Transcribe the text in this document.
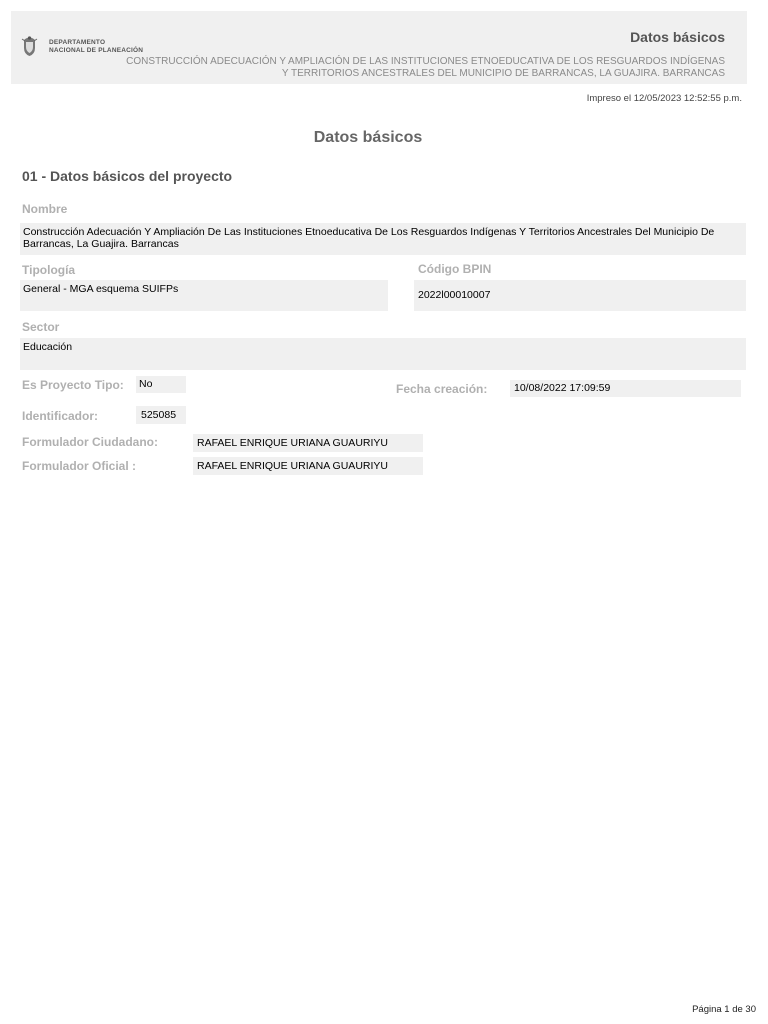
DEPARTAMENTO
NACIONAL DE PLANEACIÓN
Datos básicos
CONSTRUCCIÓN ADECUACIÓN Y AMPLIACIÓN DE LAS INSTITUCIONES ETNOEDUCATIVA DE LOS RESGUARDOS INDÍGENAS Y TERRITORIOS ANCESTRALES DEL MUNICIPIO DE BARRANCAS, LA GUAJIRA. BARRANCAS
Impreso el 12/05/2023 12:52:55 p.m.
Datos básicos
01 - Datos básicos del proyecto
Nombre
Construcción Adecuación Y Ampliación De Las Instituciones Etnoeducativa De Los Resguardos Indígenas Y Territorios Ancestrales Del Municipio De Barrancas, La Guajira. Barrancas
Tipología
General - MGA esquema SUIFPs
Código BPIN
2022l00010007
Sector
Educación
Es Proyecto Tipo: No	Fecha creación:	10/08/2022 17:09:59
Identificador:	525085
Formulador Ciudadano:	RAFAEL ENRIQUE URIANA GUAURIYU
Formulador Oficial :	RAFAEL ENRIQUE URIANA GUAURIYU
Página 1 de 30
